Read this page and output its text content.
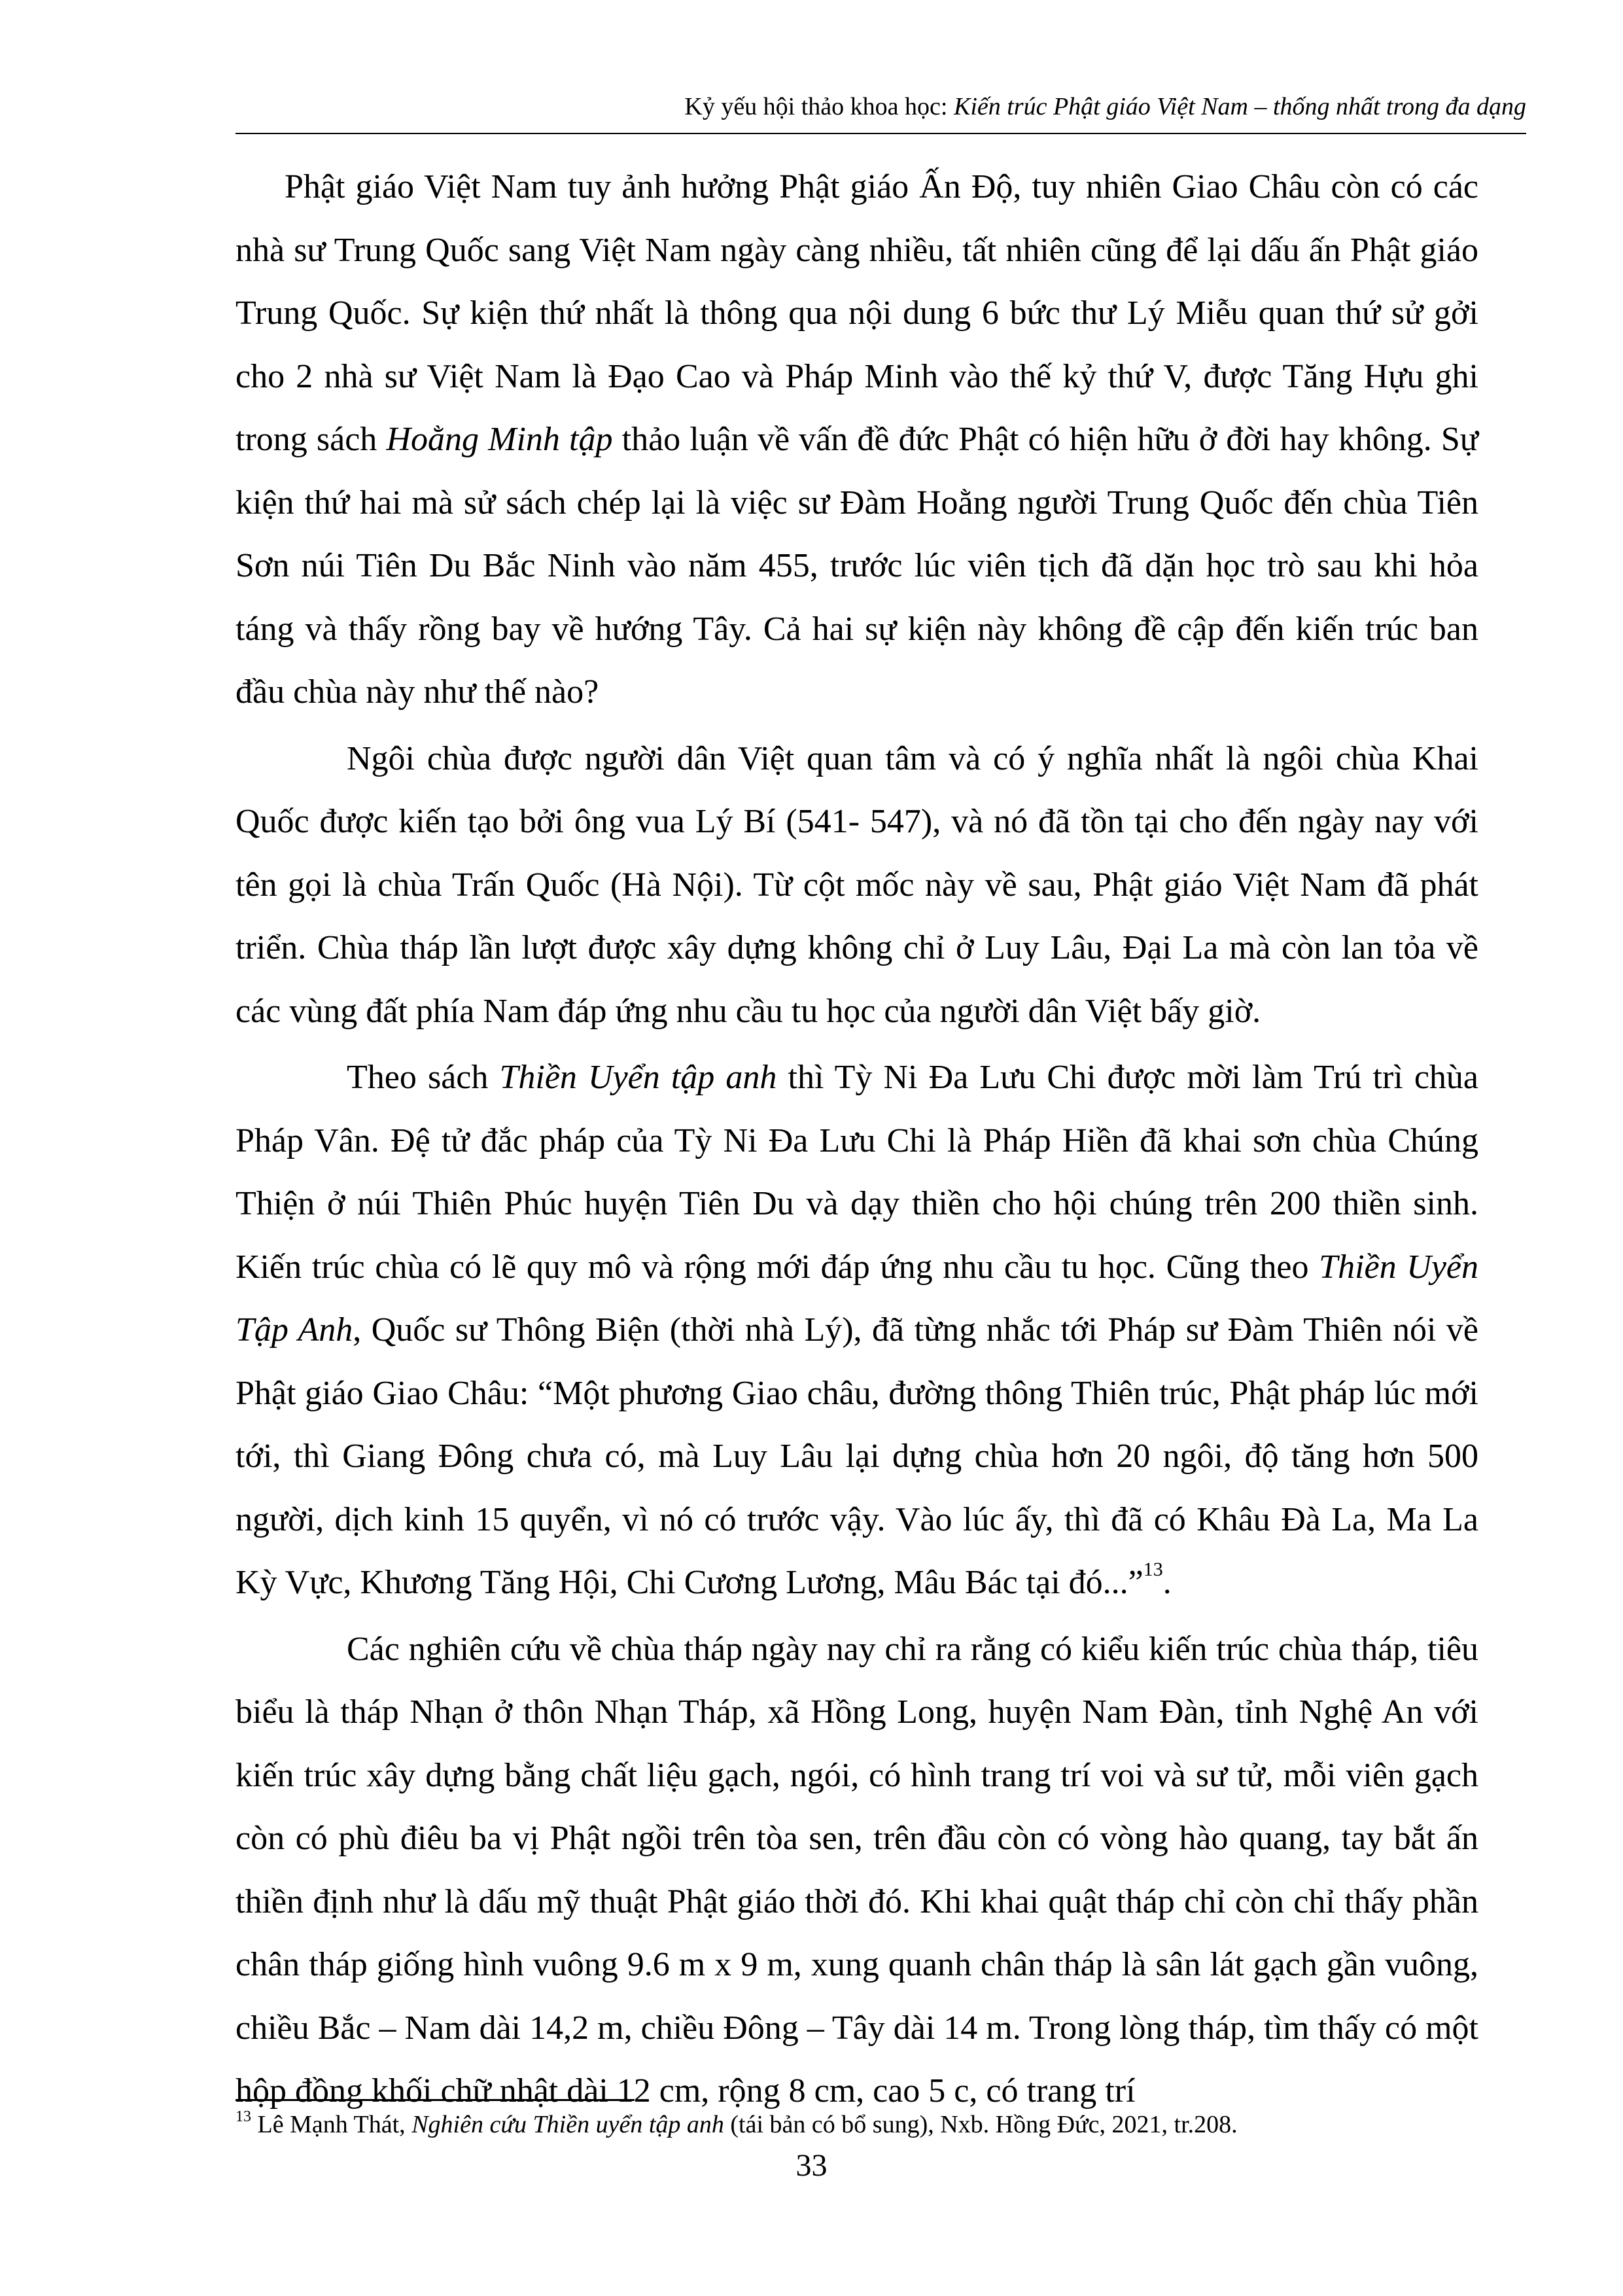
Kỷ yếu hội thảo khoa học: Kiến trúc Phật giáo Việt Nam – thống nhất trong đa dạng

Phật giáo Việt Nam tuy ảnh hưởng Phật giáo Ấn Độ, tuy nhiên Giao Châu còn có các nhà sư Trung Quốc sang Việt Nam ngày càng nhiều, tất nhiên cũng để lại dấu ấn Phật giáo Trung Quốc. Sự kiện thứ nhất là thông qua nội dung 6 bức thư Lý Miễu quan thứ sử gởi cho 2 nhà sư Việt Nam là Đạo Cao và Pháp Minh vào thế kỷ thứ V, được Tăng Hựu ghi trong sách Hoằng Minh tập thảo luận về vấn đề đức Phật có hiện hữu ở đời hay không. Sự kiện thứ hai mà sử sách chép lại là việc sư Đàm Hoằng người Trung Quốc đến chùa Tiên Sơn núi Tiên Du Bắc Ninh vào năm 455, trước lúc viên tịch đã dặn học trò sau khi hỏa táng và thấy rồng bay về hướng Tây. Cả hai sự kiện này không đề cập đến kiến trúc ban đầu chùa này như thế nào?

Ngôi chùa được người dân Việt quan tâm và có ý nghĩa nhất là ngôi chùa Khai Quốc được kiến tạo bởi ông vua Lý Bí (541- 547), và nó đã tồn tại cho đến ngày nay với tên gọi là chùa Trấn Quốc (Hà Nội). Từ cột mốc này về sau, Phật giáo Việt Nam đã phát triển. Chùa tháp lần lượt được xây dựng không chỉ ở Luy Lâu, Đại La mà còn lan tỏa về các vùng đất phía Nam đáp ứng nhu cầu tu học của người dân Việt bấy giờ.

Theo sách Thiền Uyển tập anh thì Tỳ Ni Đa Lưu Chi được mời làm Trú trì chùa Pháp Vân. Đệ tử đắc pháp của Tỳ Ni Đa Lưu Chi là Pháp Hiền đã khai sơn chùa Chúng Thiện ở núi Thiên Phúc huyện Tiên Du và dạy thiền cho hội chúng trên 200 thiền sinh. Kiến trúc chùa có lẽ quy mô và rộng mới đáp ứng nhu cầu tu học. Cũng theo Thiền Uyển Tập Anh, Quốc sư Thông Biện (thời nhà Lý), đã từng nhắc tới Pháp sư Đàm Thiên nói về Phật giáo Giao Châu: “Một phương Giao châu, đường thông Thiên trúc, Phật pháp lúc mới tới, thì Giang Đông chưa có, mà Luy Lâu lại dựng chùa hơn 20 ngôi, độ tăng hơn 500 người, dịch kinh 15 quyển, vì nó có trước vậy. Vào lúc ấy, thì đã có Khâu Đà La, Ma La Kỳ Vực, Khương Tăng Hội, Chi Cương Lương, Mâu Bác tại đó...”$^{13}$.

Các nghiên cứu về chùa tháp ngày nay chỉ ra rằng có kiểu kiến trúc chùa tháp, tiêu biểu là tháp Nhạn ở thôn Nhạn Tháp, xã Hồng Long, huyện Nam Đàn, tỉnh Nghệ An với kiến trúc xây dựng bằng chất liệu gạch, ngói, có hình trang trí voi và sư tử, mỗi viên gạch còn có phù điêu ba vị Phật ngồi trên tòa sen, trên đầu còn có vòng hào quang, tay bắt ấn thiền định như là dấu mỹ thuật Phật giáo thời đó. Khi khai quật tháp chỉ còn chỉ thấy phần chân tháp giống hình vuông 9.6 m x 9 m, xung quanh chân tháp là sân lát gạch gần vuông, chiều Bắc – Nam dài 14,2 m, chiều Đông – Tây dài 14 m. Trong lòng tháp, tìm thấy có một hộp đồng khối chữ nhật dài 12 cm, rộng 8 cm, cao 5 c, có trang trí

$^{13}$ Lê Mạnh Thát, Nghiên cứu Thiền uyển tập anh (tái bản có bổ sung), Nxb. Hồng Đức, 2021, tr.208.
33
